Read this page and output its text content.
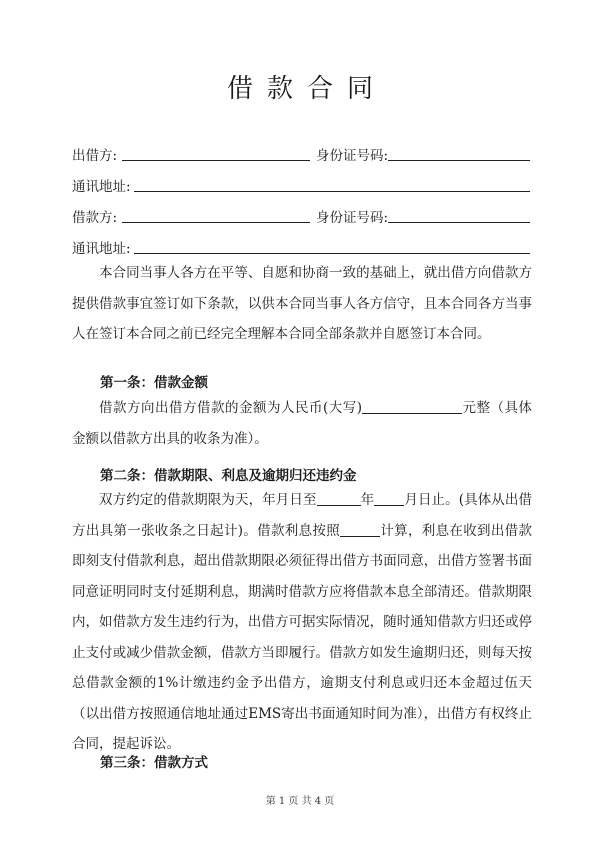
借款合同
出借方:	身份证号码:
通讯地址:
借款方:	身份证号码:
通讯地址:
本合同当事人各方在平等、自愿和协商一致的基础上，就出借方向借款方提供借款事宜签订如下条款，以供本合同当事人各方信守，且本合同各方当事人在签订本合同之前已经完全理解本合同全部条款并自愿签订本合同。
第一条：借款金额
借款方向出借方借款的金额为人民币(大写)	元整（具体金额以借款方出具的收条为准）。
第二条：借款期限、利息及逾期归还违约金
双方约定的借款期限为天，年月日至	年 月日止。(具体从出借方出具第一张收条之日起计)。借款利息按照	计算，利息在收到出借款即刻支付借款利息，超出借款期限必须征得出借方书面同意，出借方签署书面同意证明同时支付延期利息，期满时借款方应将借款本息全部清还。借款期限内，如借款方发生违约行为，出借方可据实际情况，随时通知借款方归还或停止支付或减少借款金额，借款方当即履行。借款方如发生逾期归还，则每天按总借款金额的1%计缴违约金予出借方，逾期支付利息或归还本金超过伍天（以出借方按照通信地址通过EMS寄出书面通知时间为准），出借方有权终止合同，提起诉讼。
第三条：借款方式
第 1 页 共 4 页
